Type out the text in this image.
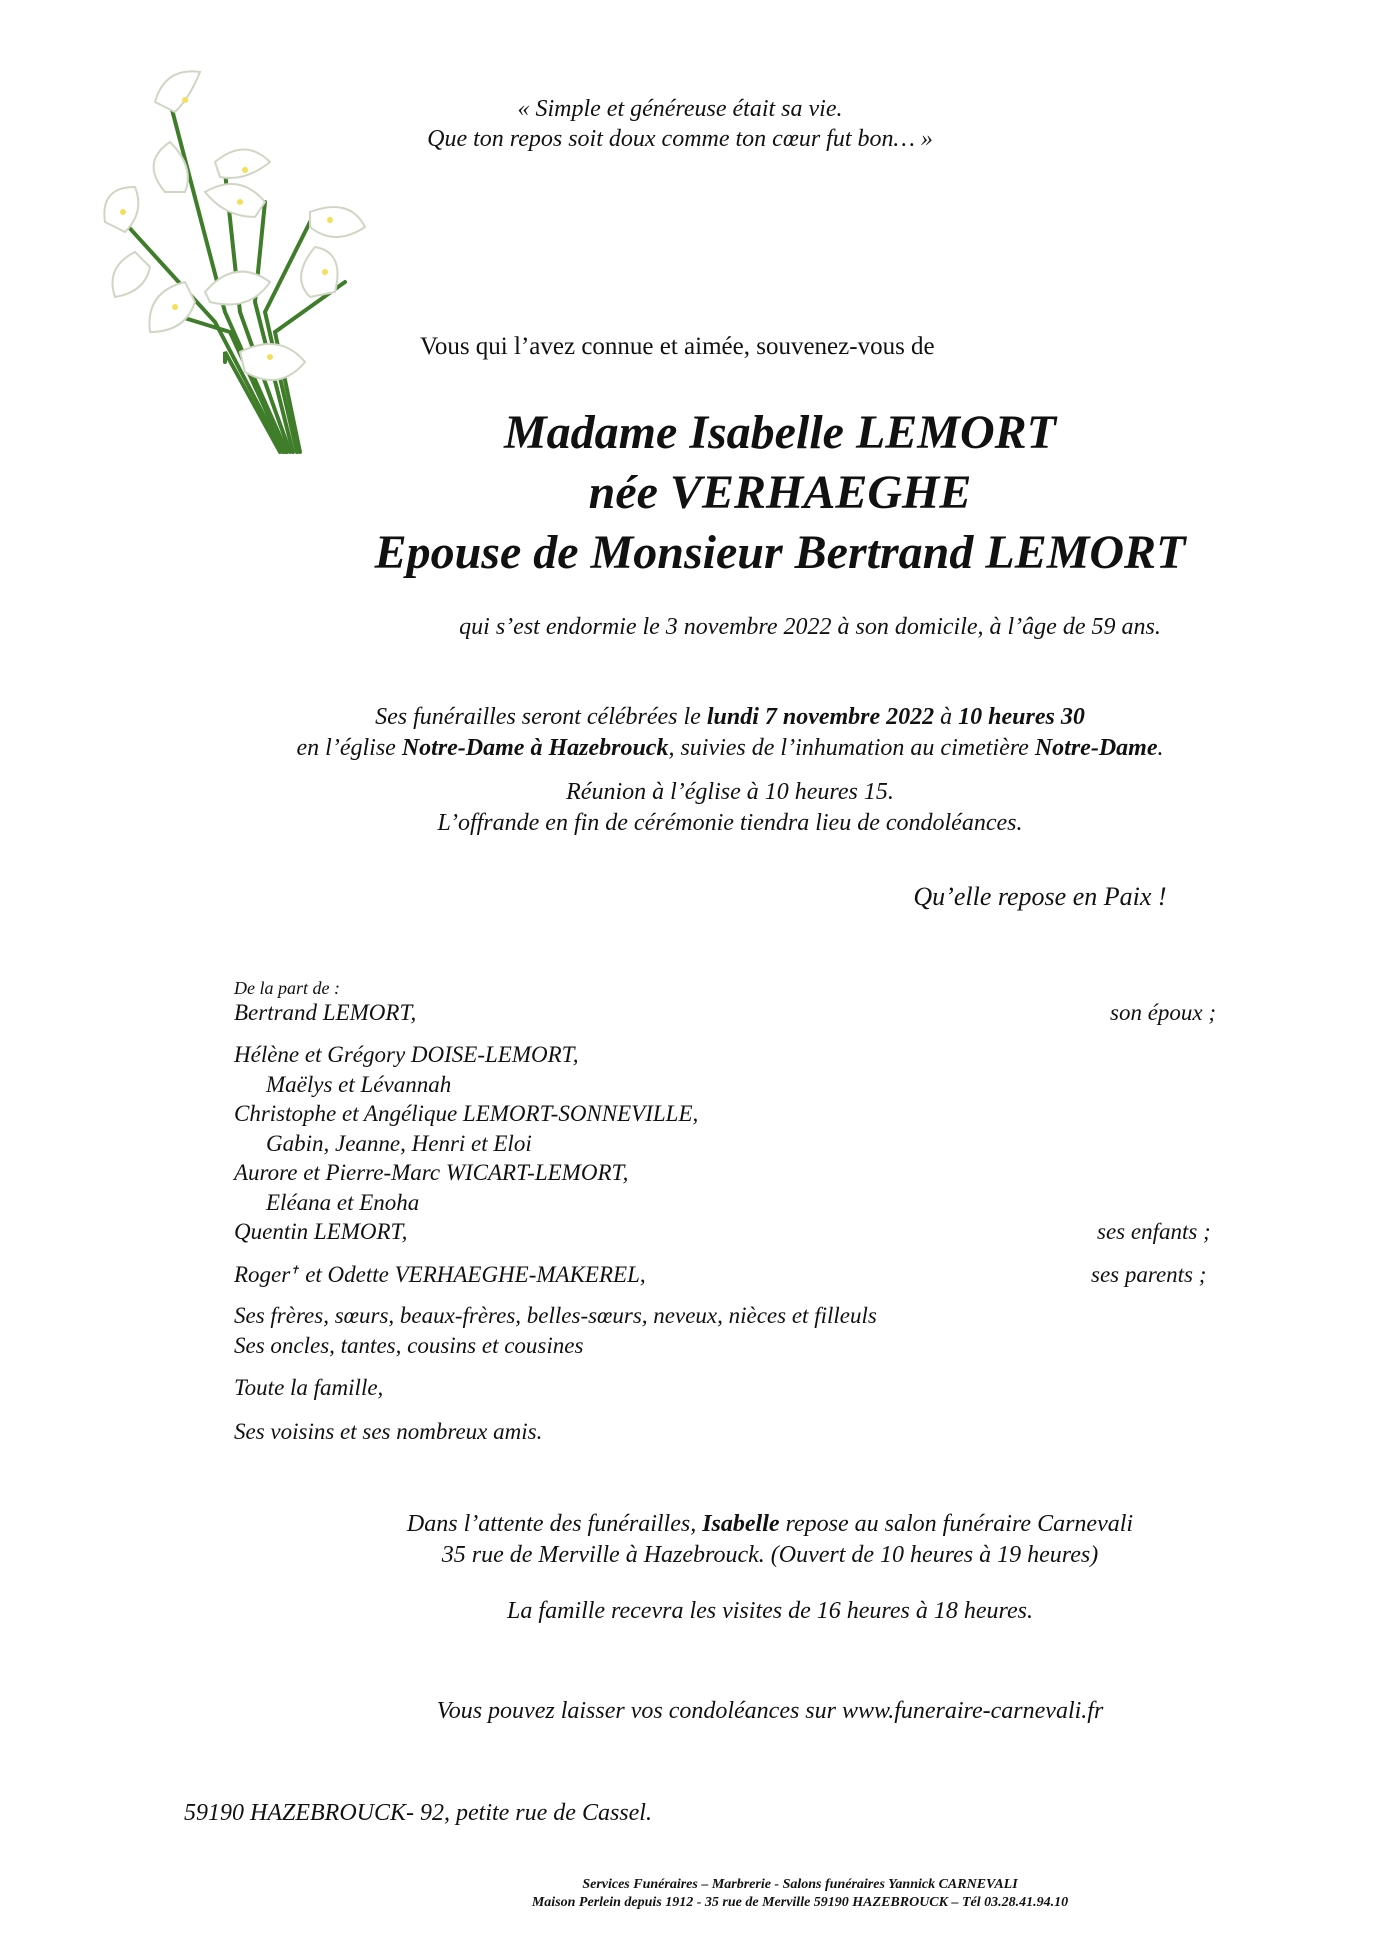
« Simple et généreuse était sa vie.
Que ton repos soit doux comme ton cœur fut bon… »
Vous qui l’avez connue et aimée, souvenez-vous de
Madame Isabelle LEMORT
née VERHAEGHE
Epouse de Monsieur Bertrand LEMORT
qui s’est endormie le 3 novembre 2022 à son domicile, à l’âge de 59 ans.
Ses funérailles seront célébrées le lundi 7 novembre 2022 à 10 heures 30
en l’église Notre-Dame à Hazebrouck, suivies de l’inhumation au cimetière Notre-Dame.
Réunion à l’église à 10 heures 15.
L’offrande en fin de cérémonie tiendra lieu de condoléances.
Qu’elle repose en Paix !
De la part de :
Bertrand LEMORT,	son époux ;
Hélène et Grégory DOISE-LEMORT,
Maëlys et Lévannah
Christophe et Angélique LEMORT-SONNEVILLE,
Gabin, Jeanne, Henri et Eloi
Aurore et Pierre-Marc WICART-LEMORT,
Eléana et Enoha
Quentin LEMORT,	ses enfants ;
Roger✝ et Odette VERHAEGHE-MAKEREL,	ses parents ;
Ses frères, sœurs, beaux-frères, belles-sœurs, neveux, nièces et filleuls
Ses oncles, tantes, cousins et cousines
Toute la famille,
Ses voisins et ses nombreux amis.
Dans l’attente des funérailles, Isabelle repose au salon funéraire Carnevali
35 rue de Merville à Hazebrouck. (Ouvert de 10 heures à 19 heures)
La famille recevra les visites de 16 heures à 18 heures.
Vous pouvez laisser vos condoléances sur www.funeraire-carnevali.fr
59190 HAZEBROUCK- 92, petite rue de Cassel.
Services Funéraires – Marbrerie - Salons funéraires Yannick CARNEVALI
Maison Perlein depuis 1912 - 35 rue de Merville 59190 HAZEBROUCK – Tél 03.28.41.94.10
